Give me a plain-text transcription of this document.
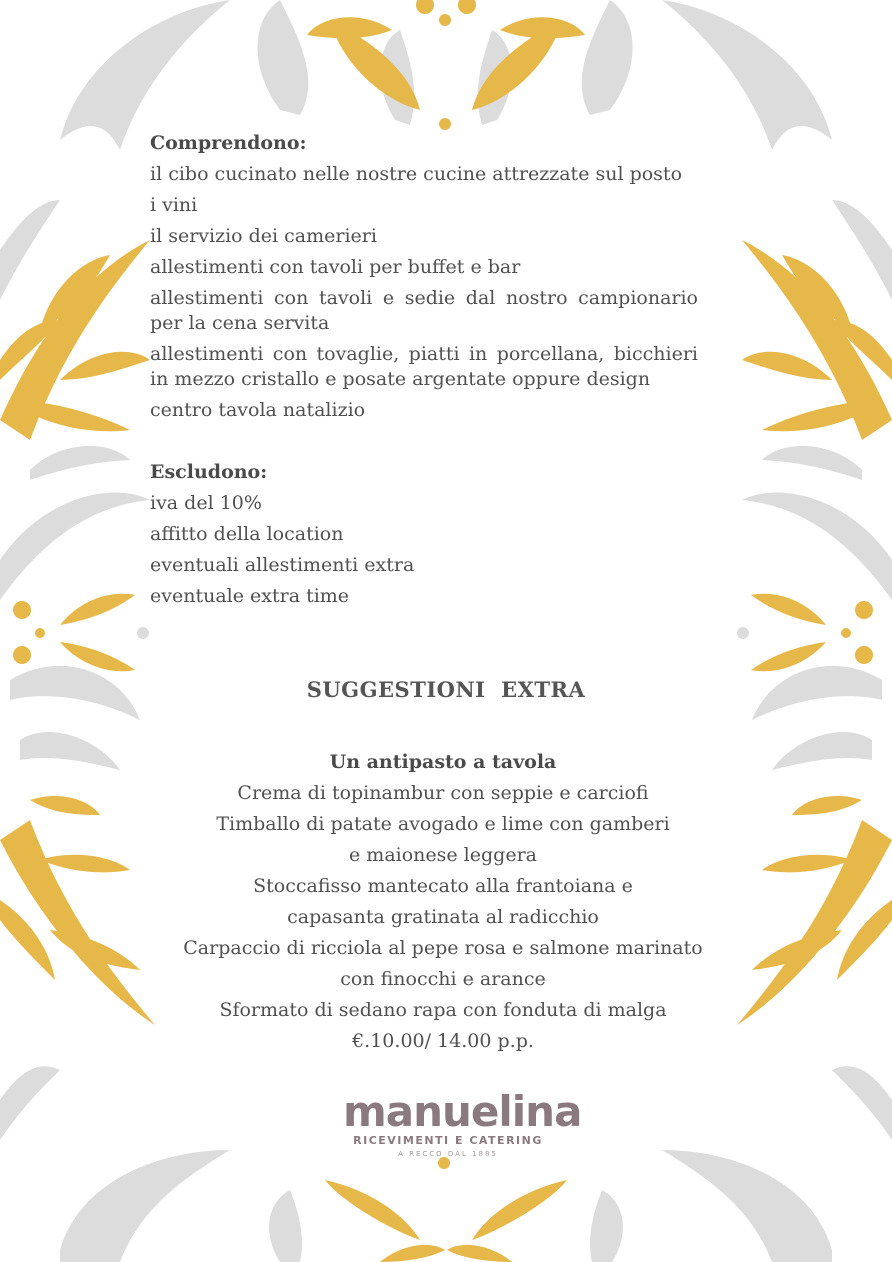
Comprendono:

il cibo cucinato nelle nostre cucine attrezzate sul posto

i vini

il servizio dei camerieri

allestimenti con tavoli per buffet e bar

allestimenti con tavoli e sedie dal nostro campionario per la cena servita

allestimenti con tovaglie, piatti in porcellana, bicchieri in mezzo cristallo e posate argentate oppure design

centro tavola natalizio

Escludono:

iva del 10%

affitto della location

eventuali allestimenti extra

eventuale extra time

SUGGESTIONI  EXTRA
Un antipasto a tavola
Crema di topinambur con seppie e carciofi
Timballo di patate avogado e lime con gamberi
e maionese leggera
Stoccafisso mantecato alla frantoiana e
capasanta gratinata al radicchio
Carpaccio di ricciola al pepe rosa e salmone marinato
con finocchi e arance
Sformato di sedano rapa con fonduta di malga
€.10.00/ 14.00 p.p.
manuelina
RICEVIMENTI E CATERING
A RECCO DAL 1885
